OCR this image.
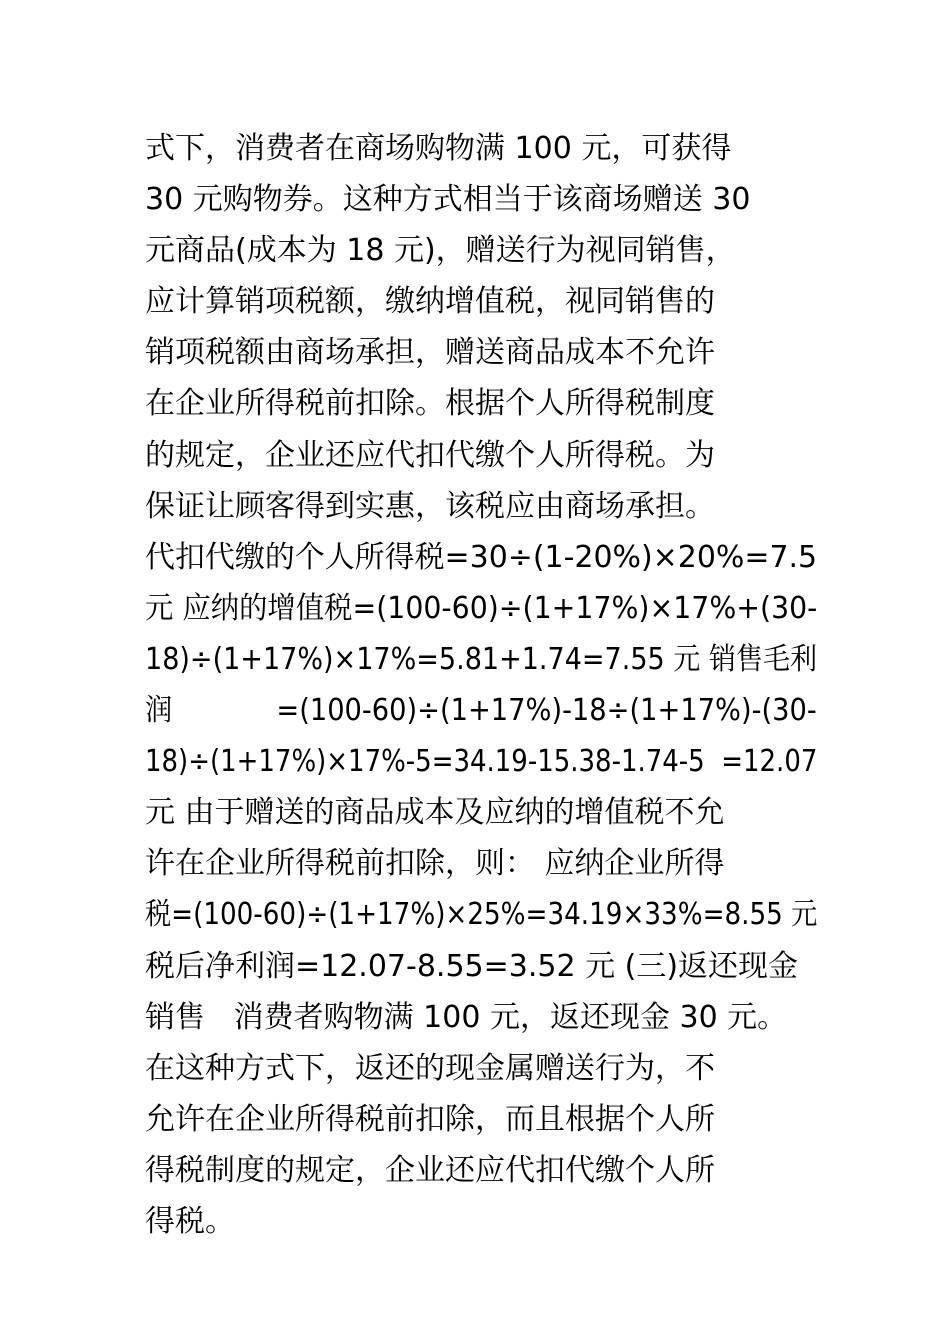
式下，消费者在商场购物满 100 元，可获得
30 元购物券。这种方式相当于该商场赠送 30
元商品(成本为 18 元)，赠送行为视同销售，
应计算销项税额，缴纳增值税，视同销售的
销项税额由商场承担，赠送商品成本不允许
在企业所得税前扣除。根据个人所得税制度
的规定，企业还应代扣代缴个人所得税。为
保证让顾客得到实惠，该税应由商场承担。
代扣代缴的个人所得税=30÷(1-20%)×20%=7.5
元 应纳的增值税=(100-60)÷(1+17%)×17%+(30-
18)÷(1+17%)×17%=5.81+1.74=7.55 元 销售毛利
润            =(100-60)÷(1+17%)-18÷(1+17%)-(30-
18)÷(1+17%)×17%-5=34.19-15.38-1.74-5  =12.07
元 由于赠送的商品成本及应纳的增值税不允
许在企业所得税前扣除，则： 应纳企业所得
税=(100-60)÷(1+17%)×25%=34.19×33%=8.55 元
税后净利润=12.07-8.55=3.52 元 (三)返还现金
销售   消费者购物满 100 元，返还现金 30 元。
在这种方式下，返还的现金属赠送行为，不
允许在企业所得税前扣除，而且根据个人所
得税制度的规定，企业还应代扣代缴个人所
得税。
